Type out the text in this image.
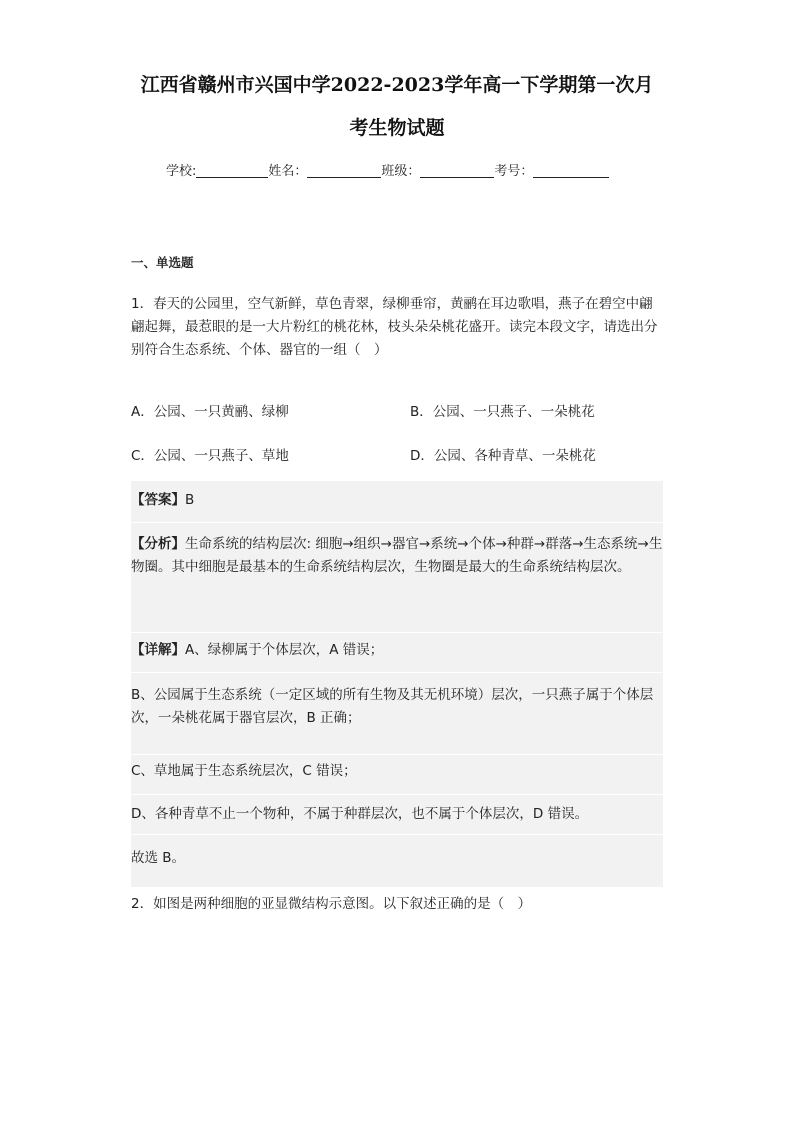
江西省赣州市兴国中学2022-2023学年高一下学期第一次月
考生物试题
学校:	姓名：	班级：	考号：
一、单选题
1．春天的公园里，空气新鲜，草色青翠，绿柳垂帘，黄鹂在耳边歌唱，燕子在碧空中翩翩起舞，最惹眼的是一大片粉红的桃花林，枝头朵朵桃花盛开。读完本段文字，请选出分别符合生态系统、个体、器官的一组（　）
A．公园、一只黄鹂、绿柳	B．公园、一只燕子、一朵桃花
C．公园、一只燕子、草地	D．公园、各种青草、一朵桃花
【答案】B
【分析】生命系统的结构层次: 细胞→组织→器官→系统→个体→种群→群落→生态系统→生物圈。其中细胞是最基本的生命系统结构层次，生物圈是最大的生命系统结构层次。
【详解】A、绿柳属于个体层次，A 错误；
B、公园属于生态系统（一定区域的所有生物及其无机环境）层次，一只燕子属于个体层次，一朵桃花属于器官层次，B 正确；
C、草地属于生态系统层次，C 错误；
D、各种青草不止一个物种，不属于种群层次，也不属于个体层次，D 错误。
故选 B。
2．如图是两种细胞的亚显微结构示意图。以下叙述正确的是（　）
